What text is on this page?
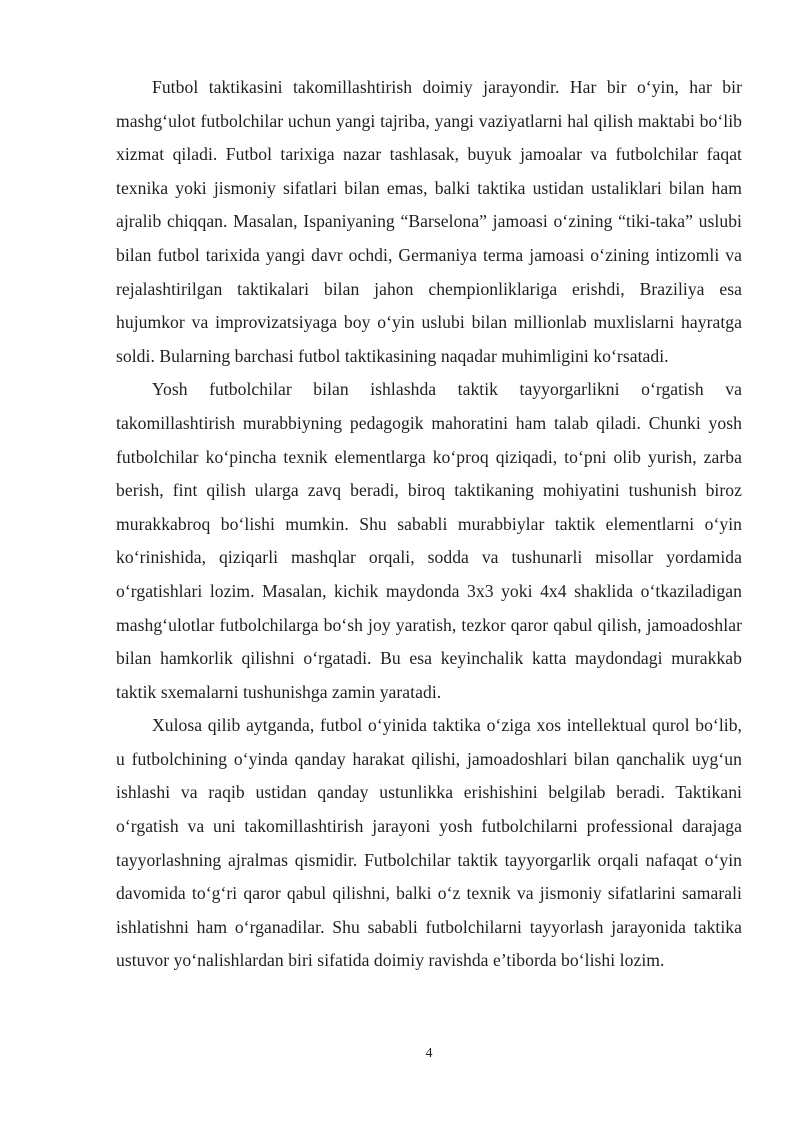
Futbol taktikasini takomillashtirish doimiy jarayondir. Har bir o‘yin, har bir mashg‘ulot futbolchilar uchun yangi tajriba, yangi vaziyatlarni hal qilish maktabi bo‘lib xizmat qiladi. Futbol tarixiga nazar tashlasak, buyuk jamoalar va futbolchilar faqat texnika yoki jismoniy sifatlari bilan emas, balki taktika ustidan ustaliklari bilan ham ajralib chiqqan. Masalan, Ispaniyaning “Barselona” jamoasi o‘zining “tiki-taka” uslubi bilan futbol tarixida yangi davr ochdi, Germaniya terma jamoasi o‘zining intizomli va rejalashtirilgan taktikalari bilan jahon chempionliklariga erishdi, Braziliya esa hujumkor va improvizatsiyaga boy o‘yin uslubi bilan millionlab muxlislarni hayratga soldi. Bularning barchasi futbol taktikasining naqadar muhimligini ko‘rsatadi.

Yosh futbolchilar bilan ishlashda taktik tayyorgarlikni o‘rgatish va takomillashtirish murabbiyning pedagogik mahoratini ham talab qiladi. Chunki yosh futbolchilar ko‘pincha texnik elementlarga ko‘proq qiziqadi, to‘pni olib yurish, zarba berish, fint qilish ularga zavq beradi, biroq taktikaning mohiyatini tushunish biroz murakkabroq bo‘lishi mumkin. Shu sababli murabbiylar taktik elementlarni o‘yin ko‘rinishida, qiziqarli mashqlar orqali, sodda va tushunarli misollar yordamida o‘rgatishlari lozim. Masalan, kichik maydonda 3x3 yoki 4x4 shaklida o‘tkaziladigan mashg‘ulotlar futbolchilarga bo‘sh joy yaratish, tezkor qaror qabul qilish, jamoadoshlar bilan hamkorlik qilishni o‘rgatadi. Bu esa keyinchalik katta maydondagi murakkab taktik sxemalarni tushunishga zamin yaratadi.

Xulosa qilib aytganda, futbol o‘yinida taktika o‘ziga xos intellektual qurol bo‘lib, u futbolchining o‘yinda qanday harakat qilishi, jamoadoshlari bilan qanchalik uyg‘un ishlashi va raqib ustidan qanday ustunlikka erishishini belgilab beradi. Taktikani o‘rgatish va uni takomillashtirish jarayoni yosh futbolchilarni professional darajaga tayyorlashning ajralmas qismidir. Futbolchilar taktik tayyorgarlik orqali nafaqat o‘yin davomida to‘g‘ri qaror qabul qilishni, balki o‘z texnik va jismoniy sifatlarini samarali ishlatishni ham o‘rganadilar. Shu sababli futbolchilarni tayyorlash jarayonida taktika ustuvor yo‘nalishlardan biri sifatida doimiy ravishda e’tiborda bo‘lishi lozim.

4
